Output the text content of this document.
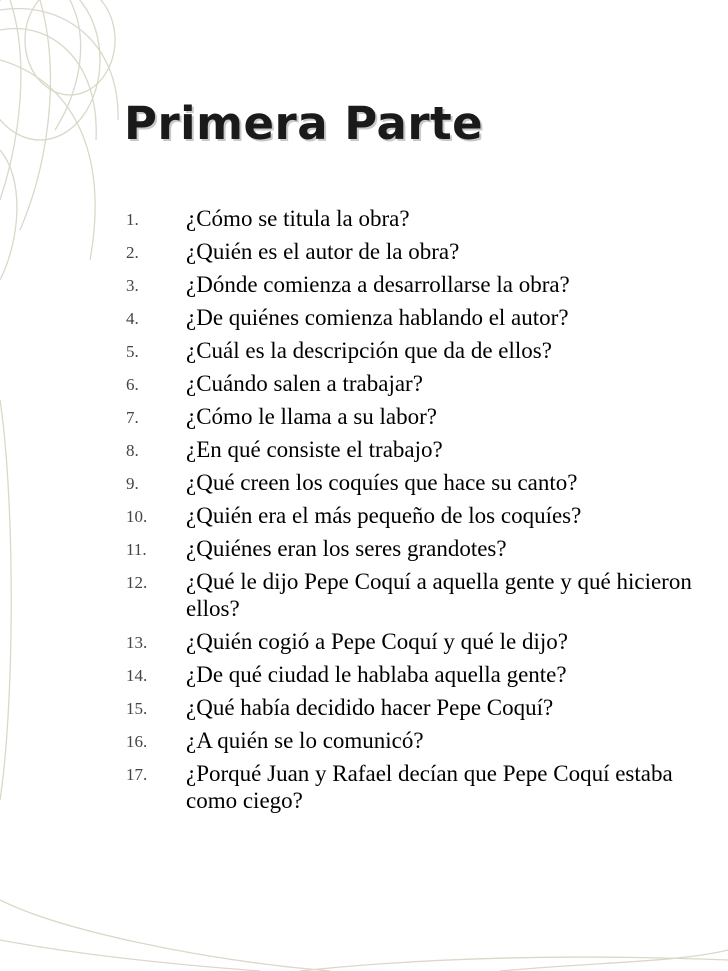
Primera Parte
1. ¿Cómo se titula la obra?
2. ¿Quién es el autor de la obra?
3. ¿Dónde comienza a desarrollarse la obra?
4. ¿De quiénes comienza hablando el autor?
5. ¿Cuál es la descripción que da de ellos?
6. ¿Cuándo salen a trabajar?
7. ¿Cómo le llama a su labor?
8. ¿En qué consiste el trabajo?
9. ¿Qué creen los coquíes que hace su canto?
10. ¿Quién era el más pequeño de los coquíes?
11. ¿Quiénes eran los seres grandotes?
12. ¿Qué le dijo Pepe Coquí a aquella gente y qué hicieron ellos?
13. ¿Quién cogió a Pepe Coquí y qué le dijo?
14. ¿De qué ciudad le hablaba aquella gente?
15. ¿Qué había decidido hacer Pepe Coquí?
16. ¿A quién se lo comunicó?
17. ¿Porqué Juan y Rafael decían que Pepe Coquí estaba como ciego?
